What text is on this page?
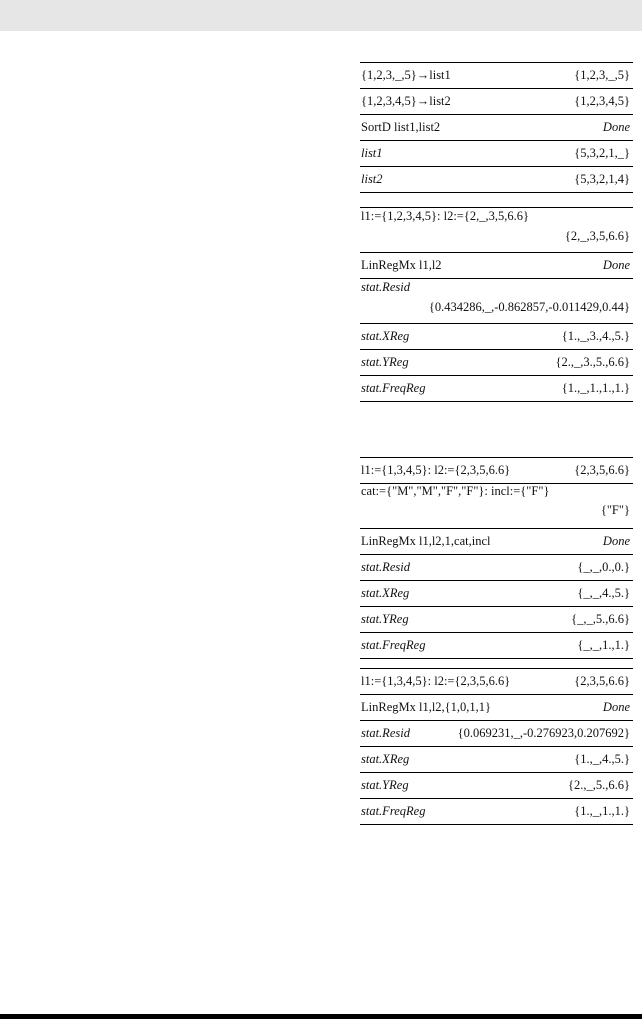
{1,2,3,_,5}→list1	{1,2,3,_,5}
{1,2,3,4,5}→list2	{1,2,3,4,5}
SortD list1,list2	Done
list1	{5,3,2,1,_}
list2	{5,3,2,1,4}
l1:={1,2,3,4,5}: l2:={2,_,3,5,6.6}
{2,_,3,5,6.6}
LinRegMx l1,l2	Done
stat.Resid
{0.434286,_,-0.862857,-0.011429,0.44}
stat.XReg	{1.,_,3.,4.,5.}
stat.YReg	{2.,_,3.,5.,6.6}
stat.FreqReg	{1.,_,1.,1.,1.}
l1:={1,3,4,5}: l2:={2,3,5,6.6}	{2,3,5,6.6}
cat:={"M","M","F","F"}: incl:={"F"}
{"F"}
LinRegMx l1,l2,1,cat,incl	Done
stat.Resid	{_,_,0.,0.}
stat.XReg	{_,_,4.,5.}
stat.YReg	{_,_,5.,6.6}
stat.FreqReg	{_,_,1.,1.}
l1:={1,3,4,5}: l2:={2,3,5,6.6}	{2,3,5,6.6}
LinRegMx l1,l2,{1,0,1,1}	Done
stat.Resid	{0.069231,_,-0.276923,0.207692}
stat.XReg	{1.,_,4.,5.}
stat.YReg	{2.,_,5.,6.6}
stat.FreqReg	{1.,_,1.,1.}
